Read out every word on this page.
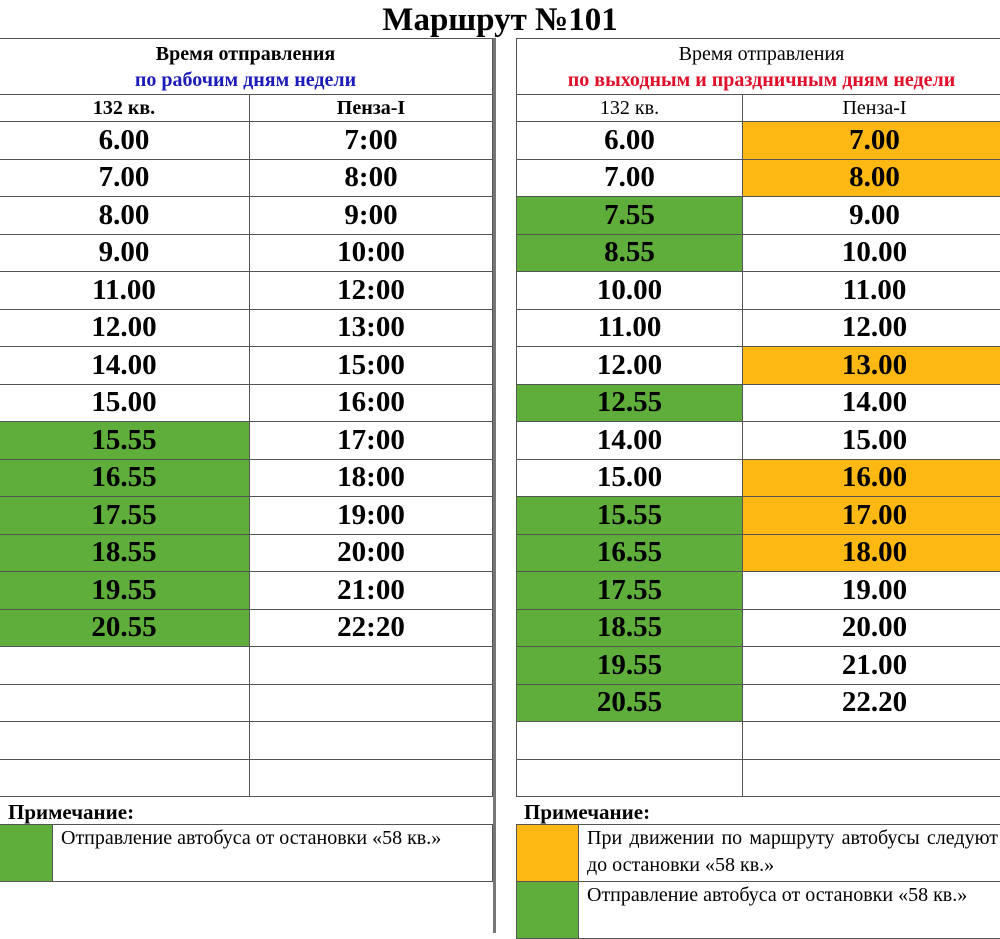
Маршрут №101
Время отправления
по рабочим дням недели	

132 кв.	Пенза-I
6.00	7:00
7.00	8:00
8.00	9:00
9.00	10:00
11.00	12:00
12.00	13:00
14.00	15:00
15.00	16:00
15.55	17:00
16.55	18:00
17.55	19:00
18.55	20:00
19.55	21:00
20.55	22:20

Время отправления
по выходным и праздничным дням недели	

132 кв.	Пенза-I
6.00	7.00
7.00	8.00
7.55	9.00
8.55	10.00
10.00	11.00
11.00	12.00
12.00	13.00
12.55	14.00
14.00	15.00
15.00	16.00
15.55	17.00
16.55	18.00
17.55	19.00
18.55	20.00
19.55	21.00
20.55	22.20

Примечание:
	Отправление автобуса от остановки «58 кв.»
Примечание:
	При движении по маршруту автобусы следуют до остановки «58 кв.»
	Отправление автобуса от остановки «58 кв.»
